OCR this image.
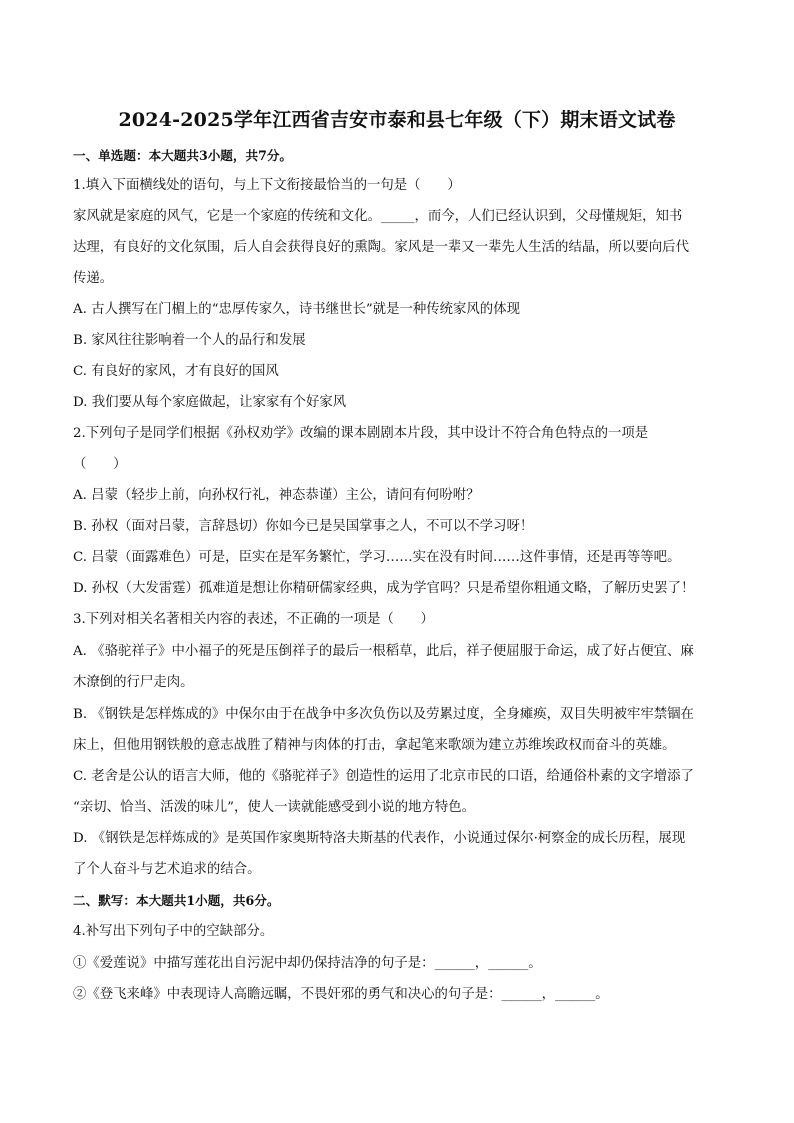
2024-2025学年江西省吉安市泰和县七年级（下）期末语文试卷
一、单选题：本大题共3小题，共7分。
1.填入下面横线处的语句，与上下文衔接最恰当的一句是（　　）
家风就是家庭的风气，它是一个家庭的传统和文化。_____，而今，人们已经认识到，父母懂规矩，知书
达理，有良好的文化氛围，后人自会获得良好的熏陶。家风是一辈又一辈先人生活的结晶，所以要向后代
传递。
A. 古人撰写在门楣上的“忠厚传家久，诗书继世长”就是一种传统家风的体现
B. 家风往往影响着一个人的品行和发展
C. 有良好的家风，才有良好的国风
D. 我们要从每个家庭做起，让家家有个好家风
2.下列句子是同学们根据《孙权劝学》改编的课本剧剧本片段，其中设计不符合角色特点的一项是
（　　）
A. 吕蒙（轻步上前，向孙权行礼，神态恭谨）主公，请问有何吩咐？
B. 孙权（面对吕蒙，言辞恳切）你如今已是吴国掌事之人，不可以不学习呀！
C. 吕蒙（面露难色）可是，臣实在是军务繁忙，学习……实在没有时间……这件事情，还是再等等吧。
D. 孙权（大发雷霆）孤难道是想让你精研儒家经典，成为学官吗？只是希望你粗通文略，了解历史罢了！
3.下列对相关名著相关内容的表述，不正确的一项是（　　）
A. 《骆驼祥子》中小福子的死是压倒祥子的最后一根稻草，此后，祥子便屈服于命运，成了好占便宜、麻
木潦倒的行尸走肉。
B. 《钢铁是怎样炼成的》中保尔由于在战争中多次负伤以及劳累过度，全身瘫痪，双目失明被牢牢禁锢在
床上，但他用钢铁般的意志战胜了精神与肉体的打击，拿起笔来歌颂为建立苏维埃政权而奋斗的英雄。
C. 老舍是公认的语言大师，他的《骆驼祥子》创造性的运用了北京市民的口语，给通俗朴素的文字增添了
“亲切、恰当、活泼的味儿”，使人一读就能感受到小说的地方特色。
D. 《钢铁是怎样炼成的》是英国作家奥斯特洛夫斯基的代表作，小说通过保尔·柯察金的成长历程，展现
了个人奋斗与艺术追求的结合。
二、默写：本大题共1小题，共6分。
4.补写出下列句子中的空缺部分。
①《爱莲说》中描写莲花出自污泥中却仍保持洁净的句子是：______，______。
②《登飞来峰》中表现诗人高瞻远瞩，不畏奸邪的勇气和决心的句子是：______，______。
